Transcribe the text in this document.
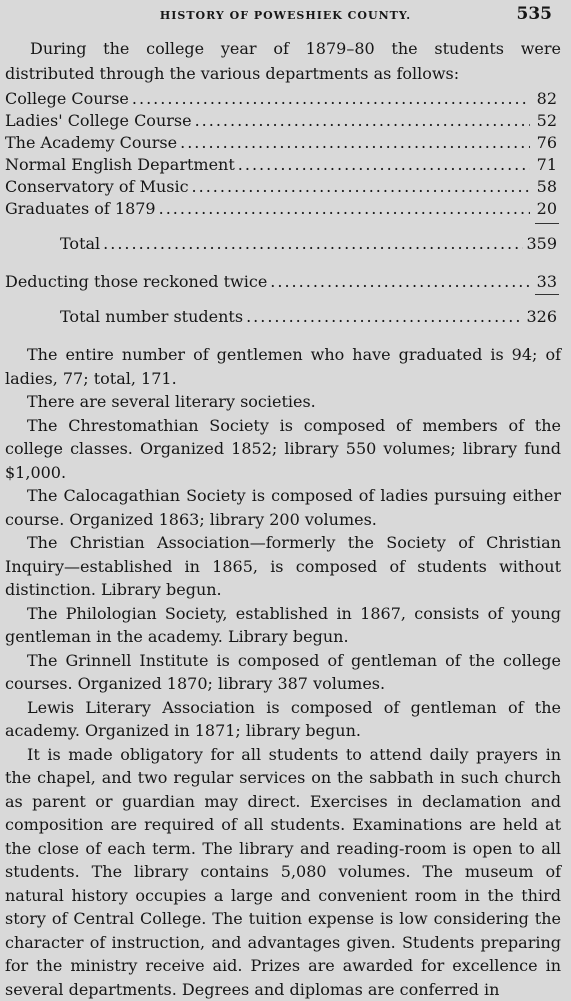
HISTORY OF POWESHIEK COUNTY.	535
During the college year of 1879–80 the students were distributed through the various departments as follows:
College Course .....	82
Ladies' College Course .....	52
The Academy Course .....	76
Normal English Department .....	71
Conservatory of Music .....	58
Graduates of 1879 .....	20
Total .....	359
Deducting those reckoned twice .....	33
Total number students .....	326

The entire number of gentlemen who have graduated is 94; of ladies, 77; total, 171.

There are several literary societies.

The Chrestomathian Society is composed of members of the college classes. Organized 1852; library 550 volumes; library fund $1,000.

The Calocagathian Society is composed of ladies pursuing either course. Organized 1863; library 200 volumes.

The Christian Association—formerly the Society of Christian Inquiry—established in 1865, is composed of students without distinction. Library begun.

The Philologian Society, established in 1867, consists of young gentleman in the academy. Library begun.

The Grinnell Institute is composed of gentleman of the college courses. Organized 1870; library 387 volumes.

Lewis Literary Association is composed of gentleman of the academy. Organized in 1871; library begun.

It is made obligatory for all students to attend daily prayers in the chapel, and two regular services on the sabbath in such church as parent or guardian may direct. Exercises in declamation and composition are required of all students. Examinations are held at the close of each term. The library and reading-room is open to all students. The library contains 5,080 volumes. The museum of natural history occupies a large and convenient room in the third story of Central College. The tuition expense is low considering the character of instruction, and advantages given. Students preparing for the ministry receive aid. Prizes are awarded for excellence in several departments. Degrees and diplomas are conferred in
